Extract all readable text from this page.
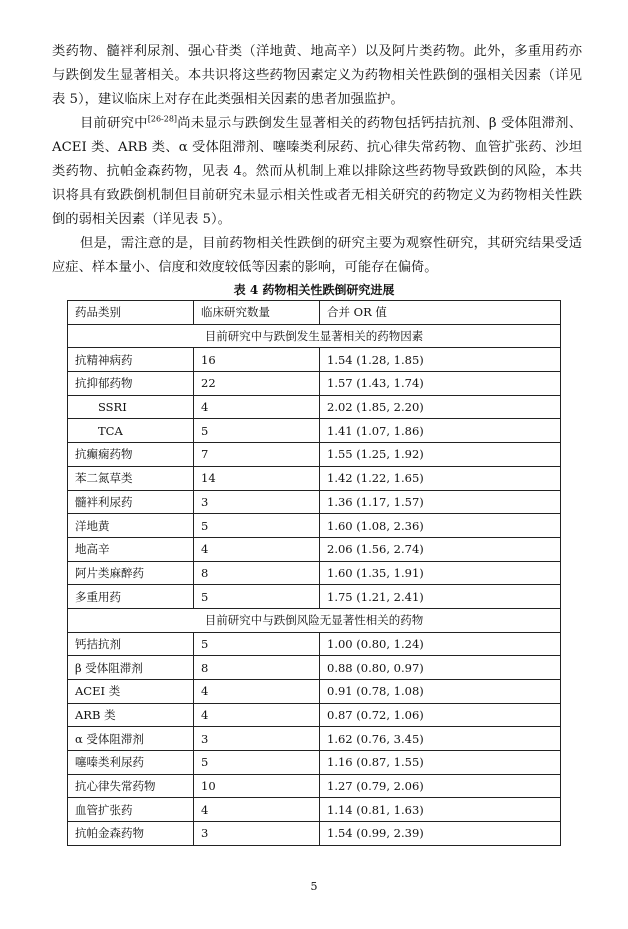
类药物、髓袢利尿剂、强心苷类（洋地黄、地高辛）以及阿片类药物。此外，多重用药亦与跌倒发生显著相关。本共识将这些药物因素定义为药物相关性跌倒的强相关因素（详见表 5），建议临床上对存在此类强相关因素的患者加强监护。
目前研究中[26-28]尚未显示与跌倒发生显著相关的药物包括钙拮抗剂、β 受体阻滞剂、ACEI 类、ARB 类、α 受体阻滞剂、噻嗪类利尿药、抗心律失常药物、血管扩张药、沙坦类药物、抗帕金森药物，见表 4。然而从机制上难以排除这些药物导致跌倒的风险，本共识将具有致跌倒机制但目前研究未显示相关性或者无相关研究的药物定义为药物相关性跌倒的弱相关因素（详见表 5）。
但是，需注意的是，目前药物相关性跌倒的研究主要为观察性研究，其研究结果受适应症、样本量小、信度和效度较低等因素的影响，可能存在偏倚。
表 4 药物相关性跌倒研究进展
药品类别	临床研究数量	合并 OR 值
目前研究中与跌倒发生显著相关的药物因素		
抗精神病药	16	1.54 (1.28, 1.85)
抗抑郁药物	22	1.57 (1.43, 1.74)
SSRI	4	2.02 (1.85, 2.20)
TCA	5	1.41 (1.07, 1.86)
抗癫痫药物	7	1.55 (1.25, 1.92)
苯二氮草类	14	1.42 (1.22, 1.65)
髓袢利尿药	3	1.36 (1.17, 1.57)
洋地黄	5	1.60 (1.08, 2.36)
地高辛	4	2.06 (1.56, 2.74)
阿片类麻醉药	8	1.60 (1.35, 1.91)
多重用药	5	1.75 (1.21, 2.41)
目前研究中与跌倒风险无显著性相关的药物		
钙拮抗剂	5	1.00 (0.80, 1.24)
β 受体阻滞剂	8	0.88 (0.80, 0.97)
ACEI 类	4	0.91 (0.78, 1.08)
ARB 类	4	0.87 (0.72, 1.06)
α 受体阻滞剂	3	1.62 (0.76, 3.45)
噻嗪类利尿药	5	1.16 (0.87, 1.55)
抗心律失常药物	10	1.27 (0.79, 2.06)
血管扩张药	4	1.14 (0.81, 1.63)
抗帕金森药物	3	1.54 (0.99, 2.39)
5
